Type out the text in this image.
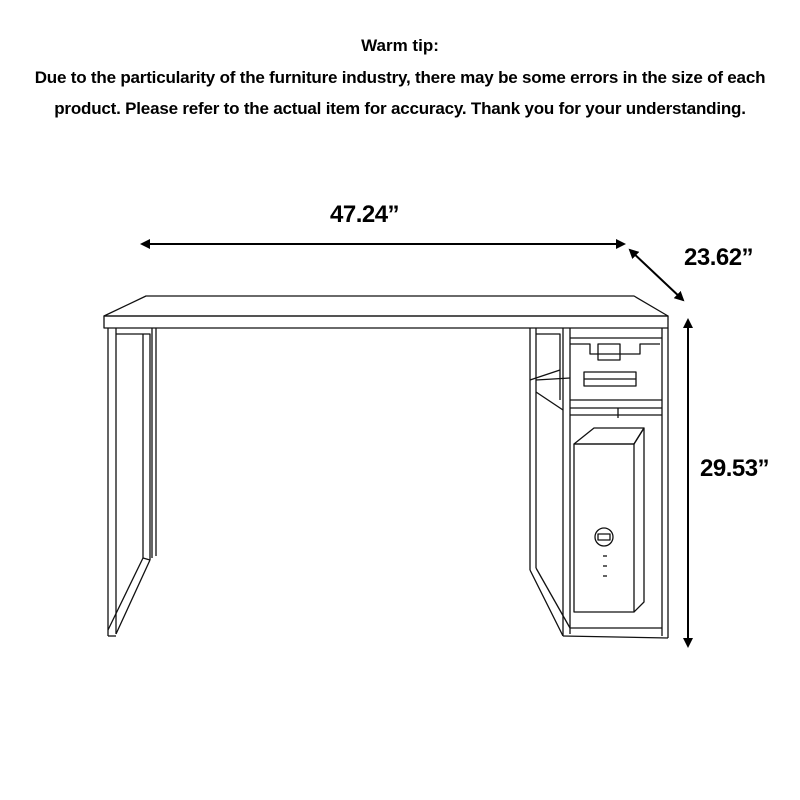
Warm tip:
Due to the particularity of the furniture industry, there may be some errors in the size of each
product. Please refer to the actual item for accuracy. Thank you for your understanding.
47.24”
23.62”
29.53”
